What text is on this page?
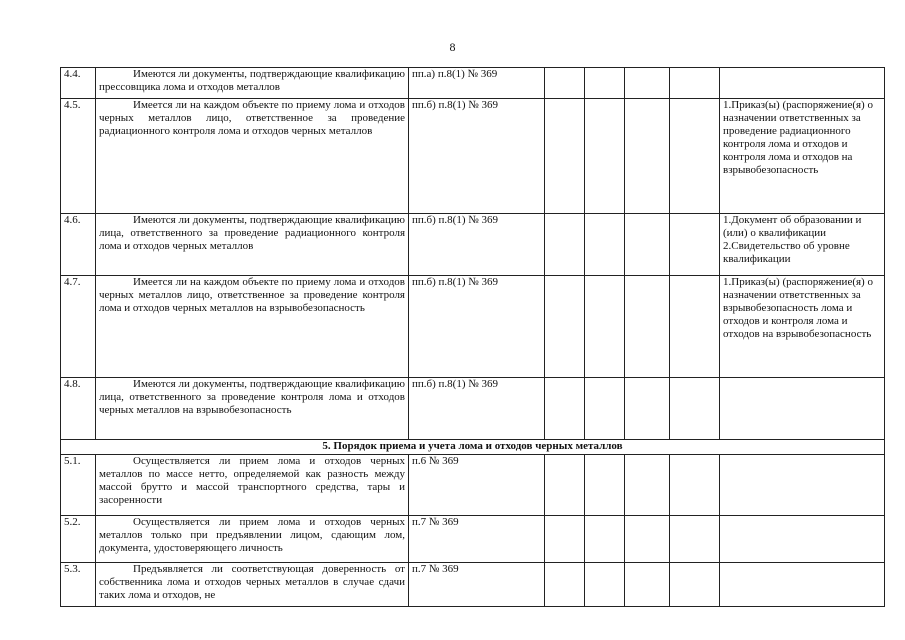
8
4.4.	Имеются ли документы, подтверждающие квалификацию прессовщика лома и отходов металлов	пп.а) п.8(1) № 369					
4.5.	Имеется ли на каждом объекте по приему лома и отходов черных металлов лицо, ответственное за проведение радиационного контроля лома и отходов черных металлов	пп.б) п.8(1) № 369					1.Приказ(ы) (распоряжение(я) о назначении ответственных за проведение радиационного контроля лома и отходов и контроля лома и отходов на взрывобезопасность

4.6.	Имеются ли документы, подтверждающие квалификацию лица, ответственного за проведение радиационного контроля лома и отходов черных металлов	пп.б) п.8(1) № 369					1.Документ об образовании и (или) о квалификации
2.Свидетельство об уровне квалификации

4.7.	Имеется ли на каждом объекте по приему лома и отходов черных металлов лицо, ответственное за проведение контроля лома и отходов черных металлов на взрывобезопасность	пп.б) п.8(1) № 369					1.Приказ(ы) (распоряжение(я) о назначении ответственных за взрывобезопасность лома и отходов и контроля лома и отходов на взрывобезопасность

4.8.	Имеются ли документы, подтверждающие квалификацию лица, ответственного за проведение контроля лома и отходов черных металлов на взрывобезопасность	пп.б) п.8(1) № 369					
5. Порядок приема и учета лома и отходов черных металлов							
5.1.	Осуществляется ли прием лома и отходов черных металлов по массе нетто, определяемой как разность между массой брутто и массой транспортного средства, тары и засоренности	п.6 № 369					
5.2.	Осуществляется ли прием лома и отходов черных металлов только при предъявлении лицом, сдающим лом, документа, удостоверяющего личность	п.7 № 369					
5.3.	Предъявляется ли соответствующая доверенность от собственника лома и отходов черных металлов в случае сдачи таких лома и отходов, не	п.7 № 369					
